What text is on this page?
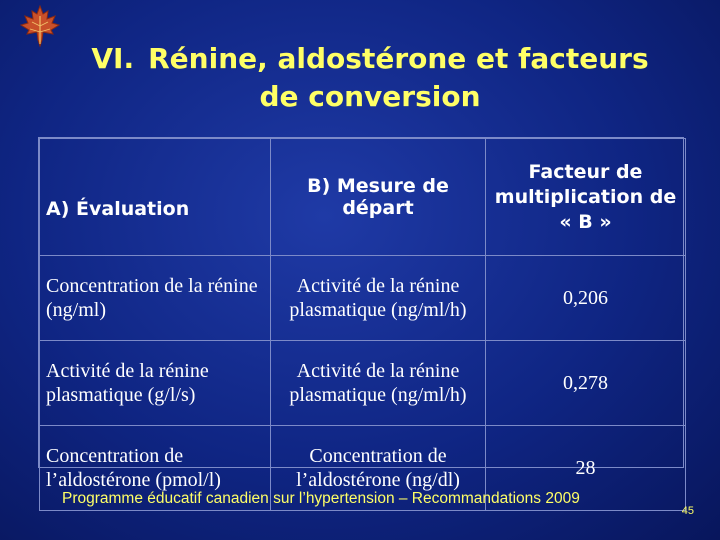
VI. Rénine, aldostérone et facteurs
de conversion
A) Évaluation	B) Mesure de départ	Facteur de multiplication de « B »
Concentration de la rénine (ng/ml)	Activité de la rénine plasmatique (ng/ml/h)	0,206
Activité de la rénine plasmatique (g/l/s)	Activité de la rénine plasmatique (ng/ml/h)	0,278
Concentration de l’aldostérone (pmol/l)	Concentration de l’aldostérone (ng/dl)	28
Programme éducatif canadien sur l’hypertension – Recommandations 2009
45
